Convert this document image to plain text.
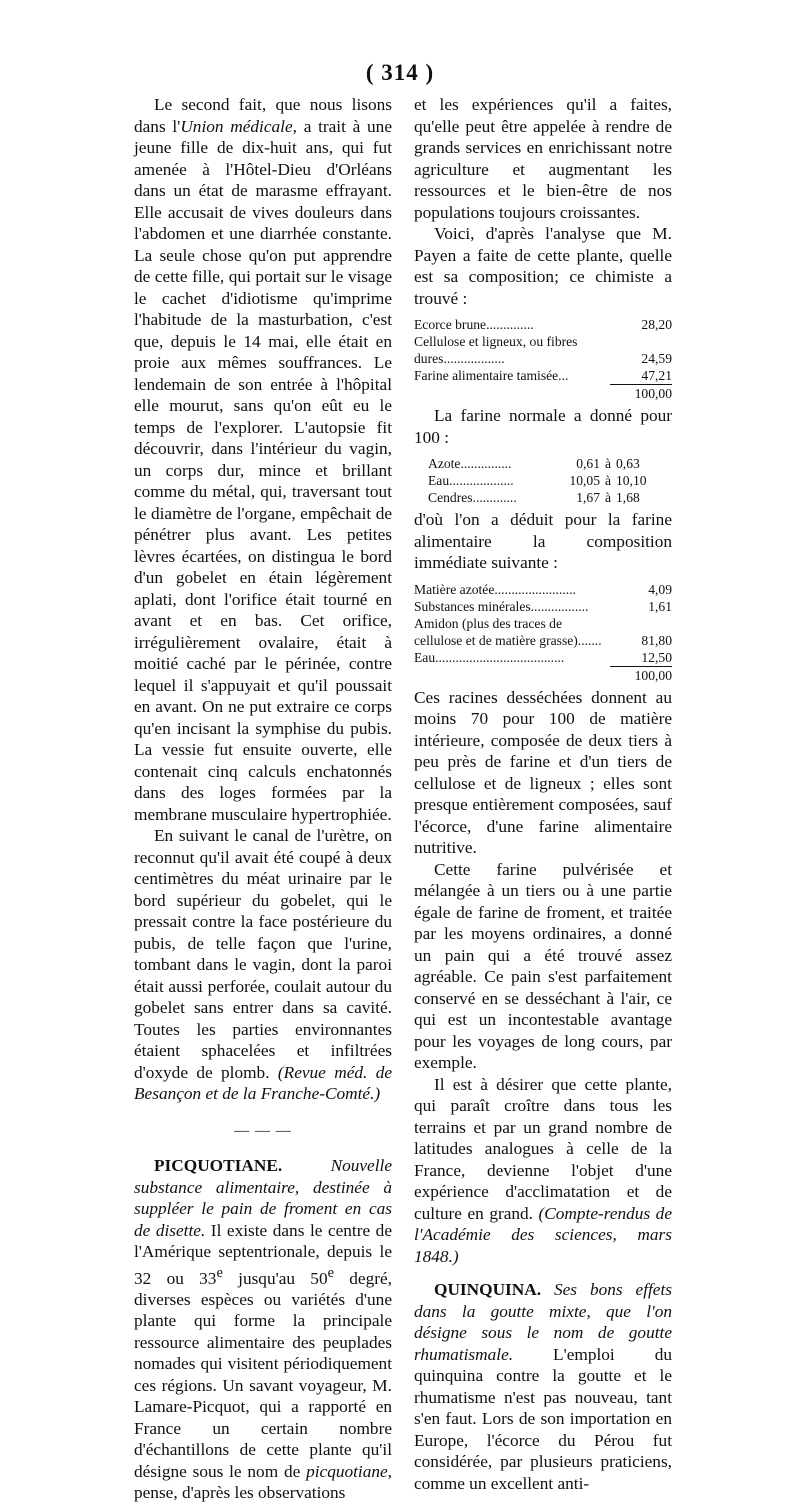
( 314 )

Le second fait, que nous lisons dans l'Union médicale, a trait à une jeune fille de dix-huit ans, qui fut amenée à l'Hôtel-Dieu d'Orléans dans un état de marasme effrayant. Elle accusait de vives douleurs dans l'abdomen et une diarrhée constante. La seule chose qu'on put apprendre de cette fille, qui portait sur le visage le cachet d'idiotisme qu'imprime l'habitude de la masturbation, c'est que, depuis le 14 mai, elle était en proie aux mêmes souffrances. Le lendemain de son entrée à l'hôpital elle mourut, sans qu'on eût eu le temps de l'explorer. L'autopsie fit découvrir, dans l'intérieur du vagin, un corps dur, mince et brillant comme du métal, qui, traversant tout le diamètre de l'organe, empêchait de pénétrer plus avant. Les petites lèvres écartées, on distingua le bord d'un gobelet en étain légèrement aplati, dont l'orifice était tourné en avant et en bas. Cet orifice, irrégulièrement ovalaire, était à moitié caché par le périnée, contre lequel il s'appuyait et qu'il poussait en avant. On ne put extraire ce corps qu'en incisant la symphise du pubis. La vessie fut ensuite ouverte, elle contenait cinq calculs enchatonnés dans des loges formées par la membrane musculaire hypertrophiée.

En suivant le canal de l'urètre, on reconnut qu'il avait été coupé à deux centimètres du méat urinaire par le bord supérieur du gobelet, qui le pressait contre la face postérieure du pubis, de telle façon que l'urine, tombant dans le vagin, dont la paroi était aussi perforée, coulait autour du gobelet sans entrer dans sa cavité. Toutes les parties environnantes étaient sphacelées et infiltrées d'oxyde de plomb. (Revue méd. de Besançon et de la Franche-Comté.)

— — —

PICQUOTIANE.	Nouvelle substance alimentaire, destinée à suppléer le pain de froment en cas de disette. Il existe dans le centre de l'Amérique septentrionale, depuis le 32 ou 33e jusqu'au 50e degré, diverses espèces ou variétés d'une plante qui forme la principale ressource alimentaire des peuplades nomades qui visitent périodiquement ces régions. Un savant voyageur, M. Lamare-Picquot, qui a rapporté en France un certain nombre d'échantillons de cette plante qu'il désigne sous le nom de picquotiane, pense, d'après les observations

et les expériences qu'il a faites, qu'elle peut être appelée à rendre de grands services en enrichissant notre agriculture et augmentant les ressources et le bien-être de nos populations toujours croissantes.

Voici, d'après l'analyse que M. Payen a faite de cette plante, quelle est sa composition; ce chimiste a trouvé :

Ecorce brune..............	28,20
Cellulose et ligneux, ou fibres dures..................	24,59
Farine alimentaire tamisée...	47,21
	100,00

La farine normale a donné pour 100 :

Azote...............	0,61	à	0,63
Eau...................	10,05	à	10,10
Cendres.............	1,67	à	1,68

d'où l'on a déduit pour la farine alimentaire la composition immédiate suivante :

Matière azotée........................	4,09
Substances minérales.................	1,61
Amidon (plus des traces de cellulose et de matière grasse).......	81,80
Eau......................................	12,50
	100,00

Ces racines desséchées donnent au moins 70 pour 100 de matière intérieure, composée de deux tiers à peu près de farine et d'un tiers de cellulose et de ligneux ; elles sont presque entièrement composées, sauf l'écorce, d'une farine alimentaire nutritive.

Cette farine pulvérisée et mélangée à un tiers ou à une partie égale de farine de froment, et traitée par les moyens ordinaires, a donné un pain qui a été trouvé assez agréable. Ce pain s'est parfaitement conservé en se desséchant à l'air, ce qui est un incontestable avantage pour les voyages de long cours, par exemple.

Il est à désirer que cette plante, qui paraît croître dans tous les terrains et par un grand nombre de latitudes analogues à celle de la France, devienne l'objet d'une expérience d'acclimatation et de culture en grand. (Compte-rendus de l'Académie des sciences, mars 1848.)

QUINQUINA. Ses bons effets dans la goutte mixte, que l'on désigne sous le nom de goutte rhumatismale. L'emploi du quinquina contre la goutte et le rhumatisme n'est pas nouveau, tant s'en faut. Lors de son importation en Europe, l'écorce du Pérou fut considérée, par plusieurs praticiens, comme un excellent anti-
